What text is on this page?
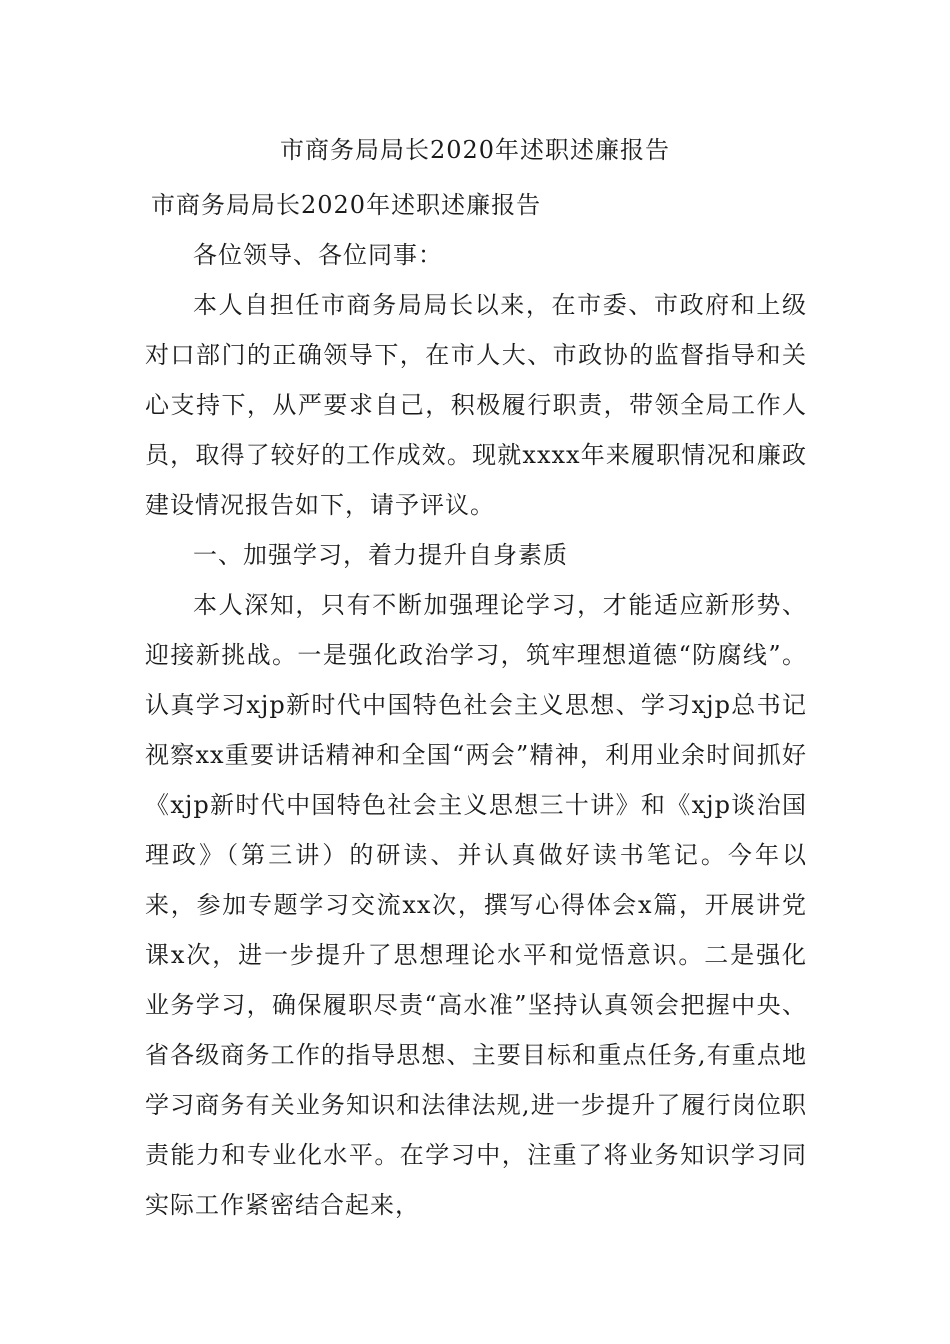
市商务局局长2020年述职述廉报告

市商务局局长2020年述职述廉报告

各位领导、各位同事：

本人自担任市商务局局长以来，在市委、市政府和上级对口部门的正确领导下，在市人大、市政协的监督指导和关心支持下，从严要求自己，积极履行职责，带领全局工作人员，取得了较好的工作成效。现就xxxx年来履职情况和廉政建设情况报告如下，请予评议。

一、加强学习，着力提升自身素质

本人深知，只有不断加强理论学习，才能适应新形势、迎接新挑战。一是强化政治学习，筑牢理想道德“防腐线”。认真学习xjp新时代中国特色社会主义思想、学习xjp总书记视察xx重要讲话精神和全国“两会”精神，利用业余时间抓好《xjp新时代中国特色社会主义思想三十讲》和《xjp谈治国理政》（第三讲）的研读、并认真做好读书笔记。今年以来，参加专题学习交流xx次，撰写心得体会x篇，开展讲党课x次，进一步提升了思想理论水平和觉悟意识。二是强化业务学习，确保履职尽责“高水准”坚持认真领会把握中央、省各级商务工作的指导思想、主要目标和重点任务,有重点地学习商务有关业务知识和法律法规,进一步提升了履行岗位职责能力和专业化水平。在学习中，注重了将业务知识学习同实际工作紧密结合起来，
